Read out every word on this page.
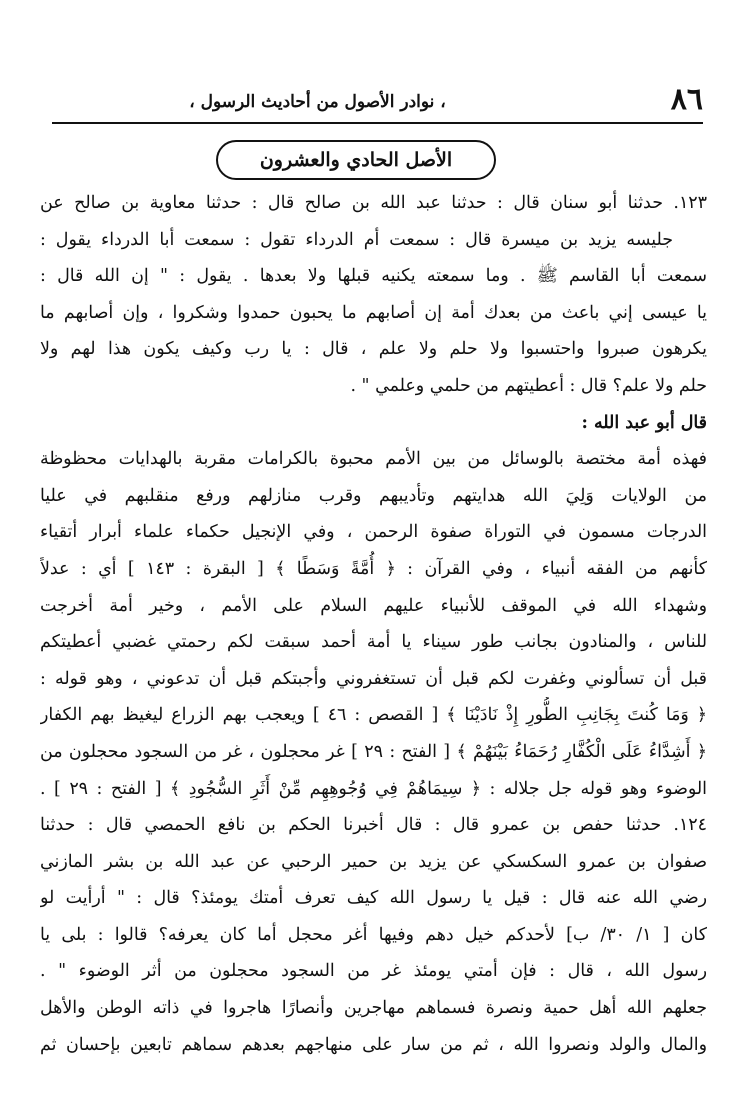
٨٦
، نوادر الأصول من أحاديث الرسول ،
الأصل الحادي والعشرون
١٢٣. حدثنا أبو سنان قال : حدثنا عبد الله بن صالح قال : حدثنا معاوية بن صالح عن
جليسه يزيد بن ميسرة قال : سمعت أم الدرداء تقول : سمعت أبا الدرداء يقول :
سمعت أبا القاسم ﷺ . وما سمعته يكنيه قبلها ولا بعدها . يقول : " إن الله قال :
يا عيسى إني باعث من بعدك أمة إن أصابهم ما يحبون حمدوا وشكروا ، وإن أصابهم ما
يكرهون صبروا واحتسبوا ولا حلم ولا علم ، قال : يا رب وكيف يكون هذا لهم ولا
حلم ولا علم؟ قال : أعطيتهم من حلمي وعلمي " .
قال أبو عبد الله :
فهذه أمة مختصة بالوسائل من بين الأمم محبوة بالكرامات مقربة بالهدايات محظوظة
من الولايات وَلِيَ الله هدايتهم وتأديبهم وقرب منازلهم ورفع منقلبهم في عليا
الدرجات مسمون في التوراة صفوة الرحمن ، وفي الإنجيل حكماء علماء أبرار أتقياء
كأنهم من الفقه أنبياء ، وفي القرآن : ﴿ أُمَّةً وَسَطًا ﴾ [ البقرة : ١٤٣ ] أي : عدلاً
وشهداء الله في الموقف للأنبياء عليهم السلام على الأمم ، وخير أمة أخرجت
للناس ، والمنادون بجانب طور سيناء يا أمة أحمد سبقت لكم رحمتي غضبي أعطيتكم
قبل أن تسألوني وغفرت لكم قبل أن تستغفروني وأجبتكم قبل أن تدعوني ، وهو قوله :
﴿ وَمَا كُنتَ بِجَانِبِ الطُّورِ إِذْ نَادَيْنَا ﴾ [ القصص : ٤٦ ] ويعجب بهم الزراع ليغيظ بهم الكفار
﴿ أَشِدَّاءُ عَلَى الْكُفَّارِ رُحَمَاءُ بَيْنَهُمْ ﴾ [ الفتح : ٢٩ ] غر محجلون ، غر من السجود محجلون من
الوضوء وهو قوله جل جلاله : ﴿ سِيمَاهُمْ فِي وُجُوهِهِم مِّنْ أَثَرِ السُّجُودِ ﴾ [ الفتح : ٢٩ ] .
١٢٤. حدثنا حفص بن عمرو قال : قال أخبرنا الحكم بن نافع الحمصي قال : حدثنا
صفوان بن عمرو السكسكي عن يزيد بن حمير الرحبي عن عبد الله بن بشر المازني
رضي الله عنه قال : قيل يا رسول الله كيف تعرف أمتك يومئذ؟ قال : " أرأيت لو
كان [ ١/ ٣٠/ ب] لأحدكم خيل دهم وفيها أغر محجل أما كان يعرفه؟ قالوا : بلى يا
رسول الله ، قال : فإن أمتي يومئذ غر من السجود محجلون من أثر الوضوء " .
جعلهم الله أهل حمية ونصرة فسماهم مهاجرين وأنصارًا هاجروا في ذاته الوطن والأهل
والمال والولد ونصروا الله ، ثم من سار على منهاجهم بعدهم سماهم تابعين بإحسان ثم
